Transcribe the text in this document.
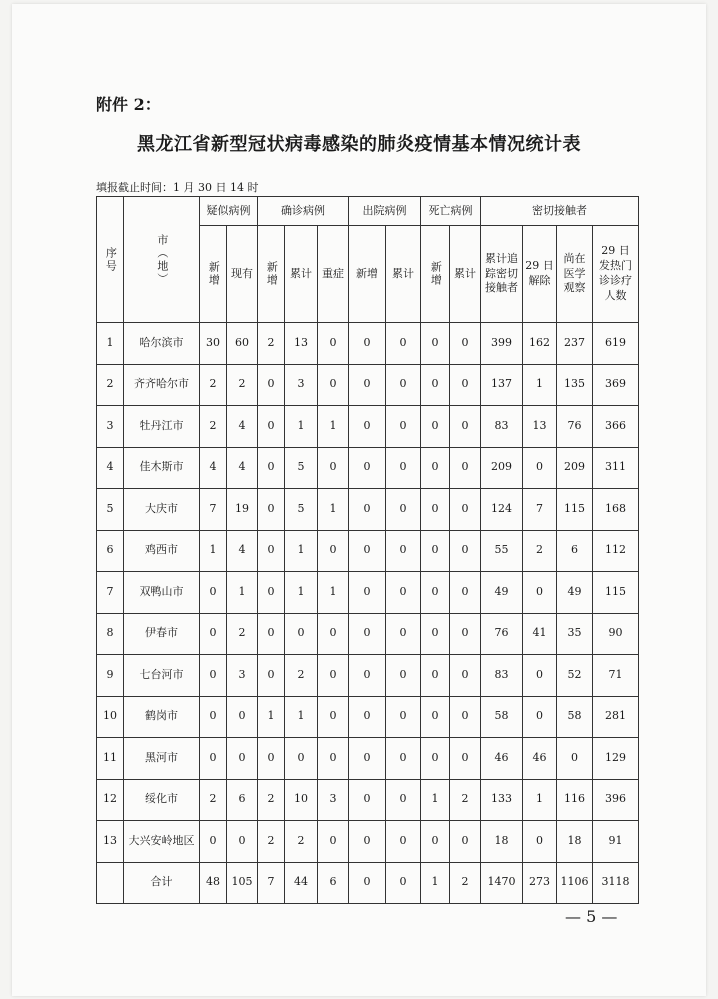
附件 2：
黑龙江省新型冠状病毒感染的肺炎疫情基本情况统计表
填报截止时间：1 月 30 日 14 时
序号	市（地）	疑似病例		确诊病例			出院病例		死亡病例		密切接触者			

		新增	现有	新增	累计	重症	新增	累计	新增	累计	累计追踪密切接触者	29 日解除	尚在医学观察	29 日发热门诊诊疗人数
1	哈尔滨市	30	60	2	13	0	0	0	0	0	399	162	237	619
2	齐齐哈尔市	2	2	0	3	0	0	0	0	0	137	1	135	369
3	牡丹江市	2	4	0	1	1	0	0	0	0	83	13	76	366
4	佳木斯市	4	4	0	5	0	0	0	0	0	209	0	209	311
5	大庆市	7	19	0	5	1	0	0	0	0	124	7	115	168
6	鸡西市	1	4	0	1	0	0	0	0	0	55	2	6	112
7	双鸭山市	0	1	0	1	1	0	0	0	0	49	0	49	115
8	伊春市	0	2	0	0	0	0	0	0	0	76	41	35	90
9	七台河市	0	3	0	2	0	0	0	0	0	83	0	52	71
10	鹤岗市	0	0	1	1	0	0	0	0	0	58	0	58	281
11	黑河市	0	0	0	0	0	0	0	0	0	46	46	0	129
12	绥化市	2	6	2	10	3	0	0	1	2	133	1	116	396
13	大兴安岭地区	0	0	2	2	0	0	0	0	0	18	0	18	91
	合计	48	105	7	44	6	0	0	1	2	1470	273	1106	3118
— 5 —
